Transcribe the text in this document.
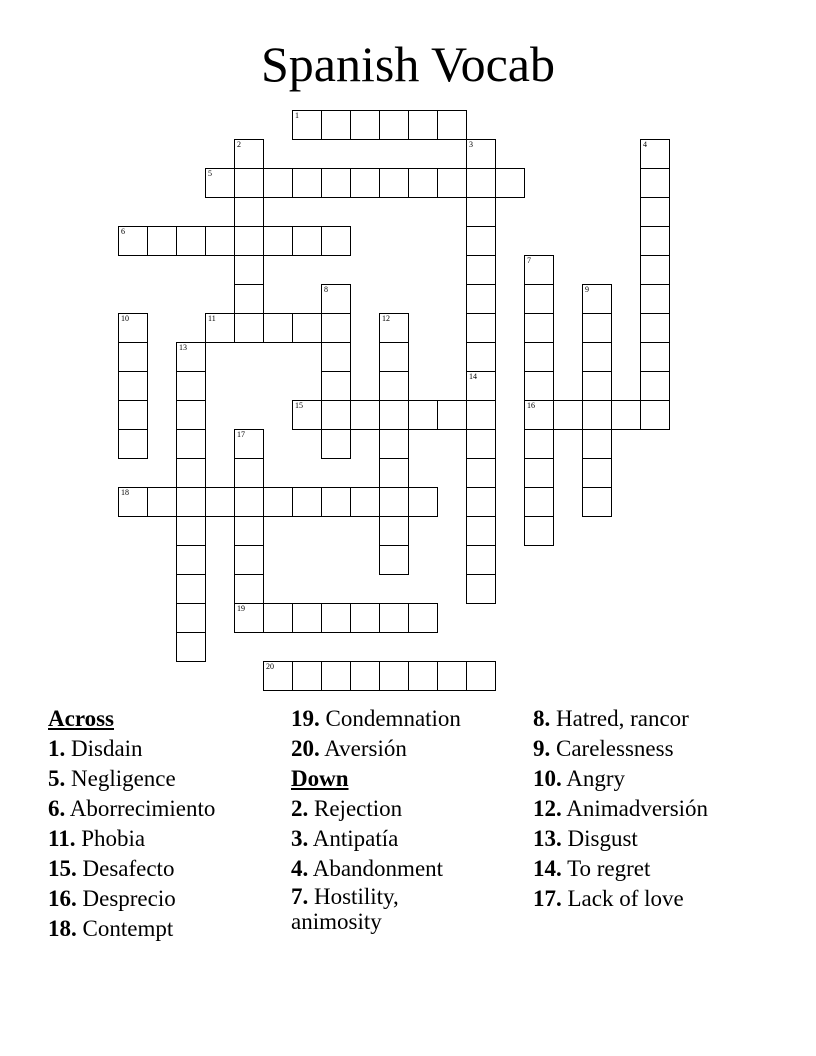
Spanish Vocab
1
2	3	4
5
6
7
16
8	9
10	11	12
13
14
15
17
19
18
20
Across
1. Disdain
5. Negligence
6. Aborrecimiento
11. Phobia
15. Desafecto
16. Desprecio
18. Contempt
19. Condemnation
20. Aversión
Down
2. Rejection
3. Antipatía
4. Abandonment
7. Hostility,
animosity
8. Hatred, rancor
9. Carelessness
10. Angry
12. Animadversión
13. Disgust
14. To regret
17. Lack of love
